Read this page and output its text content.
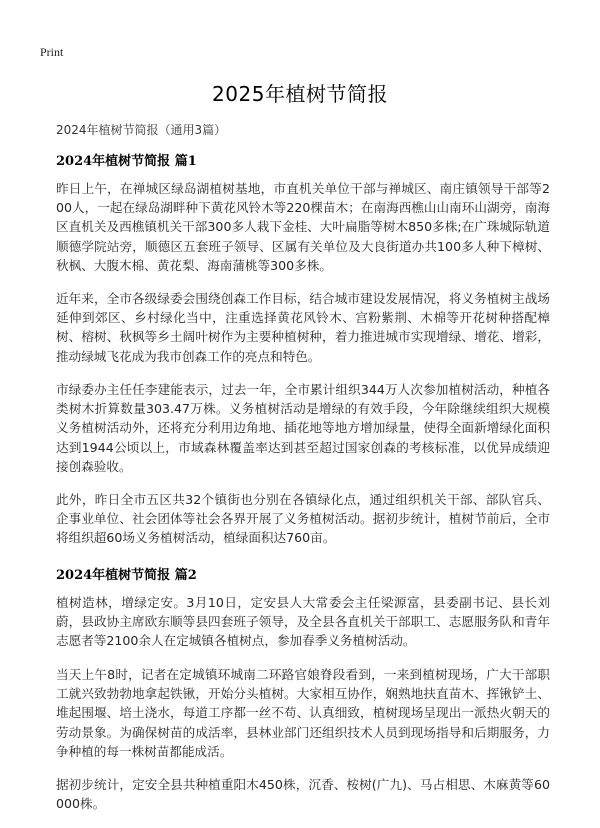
Print
2025年植树节简报
2024年植树节简报（通用3篇）
2024年植树节简报 篇1

昨日上午，在禅城区绿岛湖植树基地，市直机关单位干部与禅城区、南庄镇领导干部等200人，一起在绿岛湖畔种下黄花风铃木等220棵苗木；在南海西樵山山南环山湖旁，南海区直机关及西樵镇机关干部300多人栽下金桂、大叶扁脂等树木850多株;在广珠城际轨道顺德学院站旁，顺德区五套班子领导、区属有关单位及大良街道办共100多人种下樟树、秋枫、大腹木棉、黄花梨、海南蒲桃等300多株。

近年来，全市各级绿委会围绕创森工作目标，结合城市建设发展情况，将义务植树主战场延伸到郊区、乡村绿化当中，注重选择黄花风铃木、宫粉紫荆、木棉等开花树种搭配樟树、榕树、秋枫等乡土阔叶树作为主要种植树种，着力推进城市实现增绿、增花、增彩，推动绿城飞花成为我市创森工作的亮点和特色。

市绿委办主任任李建能表示，过去一年，全市累计组织344万人次参加植树活动，种植各类树木折算数量303.47万株。义务植树活动是增绿的有效手段，今年除继续组织大规模义务植树活动外，还将充分利用边角地、插花地等地方增加绿量，使得全面新增绿化面积达到1944公顷以上，市域森林覆盖率达到甚至超过国家创森的考核标准，以优异成绩迎接创森验收。

此外，昨日全市五区共32个镇街也分别在各镇绿化点，通过组织机关干部、部队官兵、企事业单位、社会团体等社会各界开展了义务植树活动。据初步统计，植树节前后，全市将组织超60场义务植树活动，植绿面积达760亩。

2024年植树节简报 篇2

植树造林，增绿定安。3月10日，定安县人大常委会主任梁源富，县委副书记、县长刘蔚，县政协主席欧东顺等县四套班子领导，及全县各直机关干部职工、志愿服务队和青年志愿者等2100余人在定城镇各植树点，参加春季义务植树活动。

当天上午8时，记者在定城镇环城南二环路官娘脊段看到，一来到植树现场，广大干部职工就兴致勃勃地拿起铁锹，开始分头植树。大家相互协作，娴熟地扶直苗木、挥锹铲土、堆起围堰、培土浇水，每道工序都一丝不苟、认真细致，植树现场呈现出一派热火朝天的劳动景象。为确保树苗的成活率，县林业部门还组织技术人员到现场指导和后期服务，力争种植的每一株树苗都能成活。

据初步统计，定安全县共种植重阳木450株，沉香、桉树(广九)、马占相思、木麻黄等60000株。
